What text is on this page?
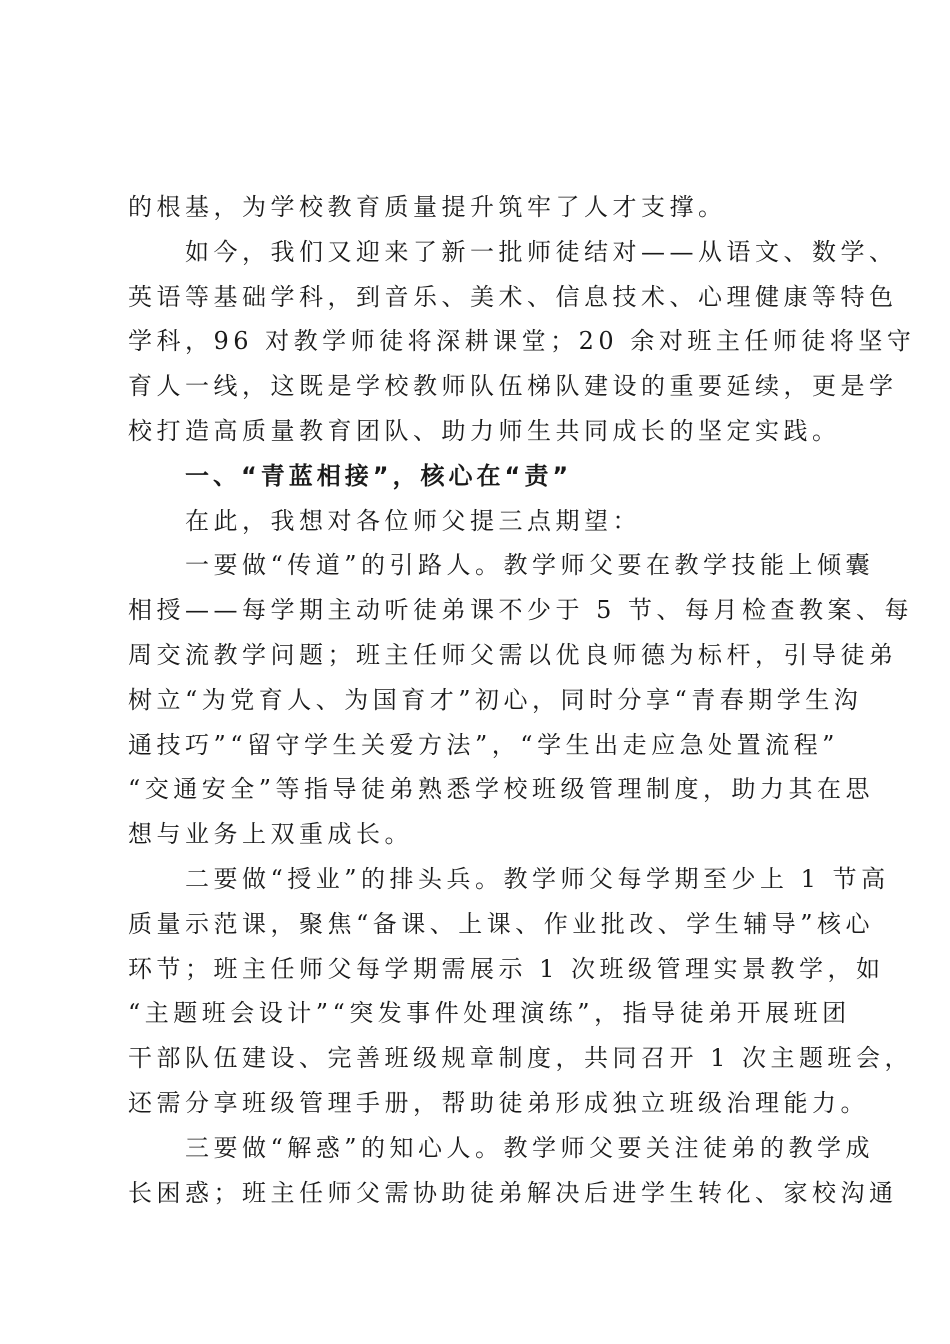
的根基，为学校教育质量提升筑牢了人才支撑。
如今，我们又迎来了新一批师徒结对——从语文、数学、
英语等基础学科，到音乐、美术、信息技术、心理健康等特色
学科，96 对教学师徒将深耕课堂；20 余对班主任师徒将坚守
育人一线，这既是学校教师队伍梯队建设的重要延续，更是学
校打造高质量教育团队、助力师生共同成长的坚定实践。
一、“青蓝相接”，核心在“责”
在此，我想对各位师父提三点期望：
一要做“传道”的引路人。教学师父要在教学技能上倾囊
相授——每学期主动听徒弟课不少于 5 节、每月检查教案、每
周交流教学问题；班主任师父需以优良师德为标杆，引导徒弟
树立“为党育人、为国育才”初心，同时分享“青春期学生沟
通技巧”“留守学生关爱方法”，“学生出走应急处置流程”
“交通安全”等指导徒弟熟悉学校班级管理制度，助力其在思
想与业务上双重成长。
二要做“授业”的排头兵。教学师父每学期至少上 1 节高
质量示范课，聚焦“备课、上课、作业批改、学生辅导”核心
环节；班主任师父每学期需展示 1 次班级管理实景教学，如
“主题班会设计”“突发事件处理演练”，指导徒弟开展班团
干部队伍建设、完善班级规章制度，共同召开 1 次主题班会，
还需分享班级管理手册，帮助徒弟形成独立班级治理能力。
三要做“解惑”的知心人。教学师父要关注徒弟的教学成
长困惑；班主任师父需协助徒弟解决后进学生转化、家校沟通
